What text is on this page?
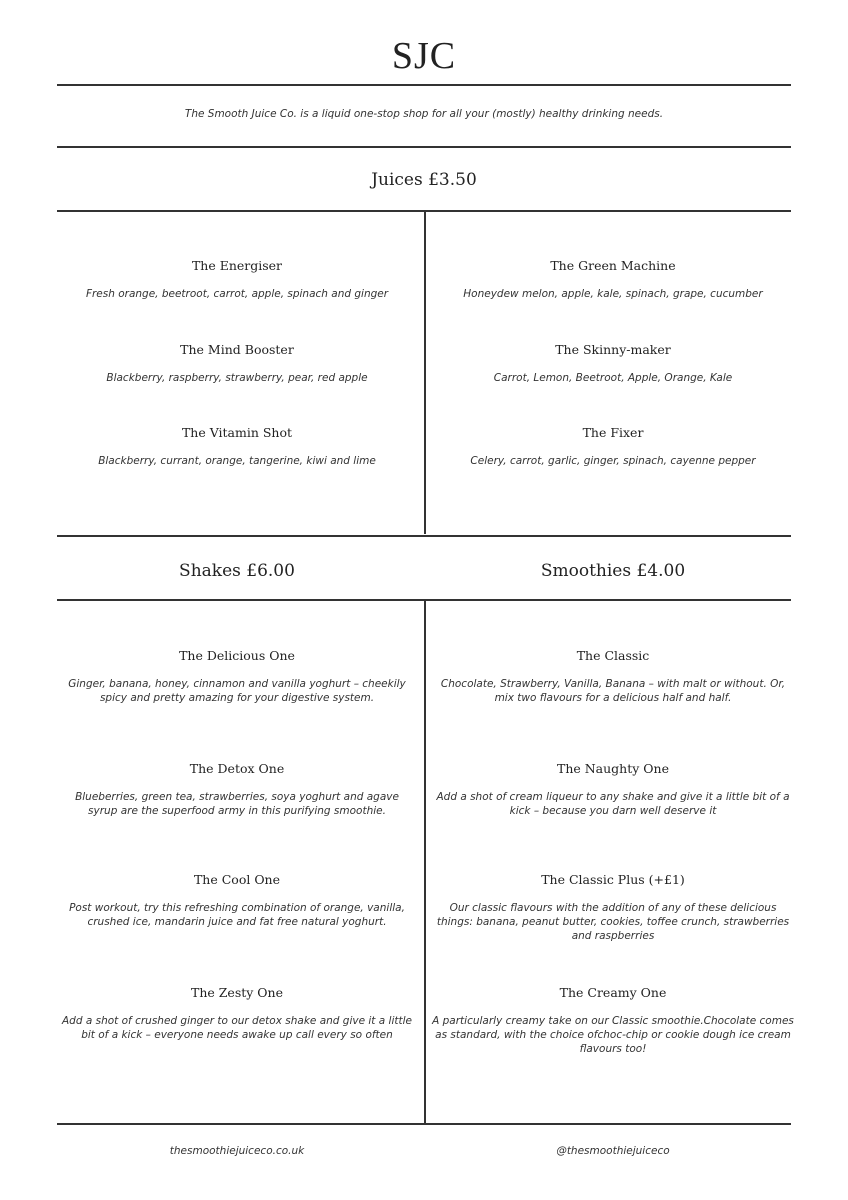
SJC
The Smooth Juice Co. is a liquid one-stop shop for all your (mostly) healthy drinking needs.
Juices £3.50
The Energiser
Fresh orange, beetroot, carrot, apple, spinach and ginger
The Mind Booster
Blackberry, raspberry, strawberry, pear, red apple
The Vitamin Shot
Blackberry, currant, orange, tangerine, kiwi and lime
The Green Machine
Honeydew melon, apple, kale, spinach, grape, cucumber
The Skinny-maker
Carrot, Lemon, Beetroot, Apple, Orange, Kale
The Fixer
Celery, carrot, garlic, ginger, spinach, cayenne pepper
Shakes £6.00	Smoothies £4.00
The Delicious One
Ginger, banana, honey, cinnamon and vanilla yoghurt – cheekily spicy and pretty amazing for your digestive system.
The Detox One
Blueberries, green tea, strawberries, soya yoghurt and agave syrup are the superfood army in this purifying smoothie.
The Cool One
Post workout, try this refreshing combination of orange, vanilla, crushed ice, mandarin juice and fat free natural yoghurt.
The Zesty One
Add a shot of crushed ginger to our detox shake and give it a little bit of a kick – everyone needs awake up call every so often
The Classic
Chocolate, Strawberry, Vanilla, Banana – with malt or without. Or, mix two flavours for a delicious half and half.
The Naughty One
Add a shot of cream liqueur to any shake and give it a little bit of a kick – because you darn well deserve it
The Classic Plus (+£1)
Our classic flavours with the addition of any of these delicious things: banana, peanut butter, cookies, toffee crunch, strawberries and raspberries
The Creamy One
A particularly creamy take on our Classic smoothie.Chocolate comes as standard, with the choice ofchoc-chip or cookie dough ice cream flavours too!
thesmoothiejuiceco.co.uk	@thesmoothiejuiceco
